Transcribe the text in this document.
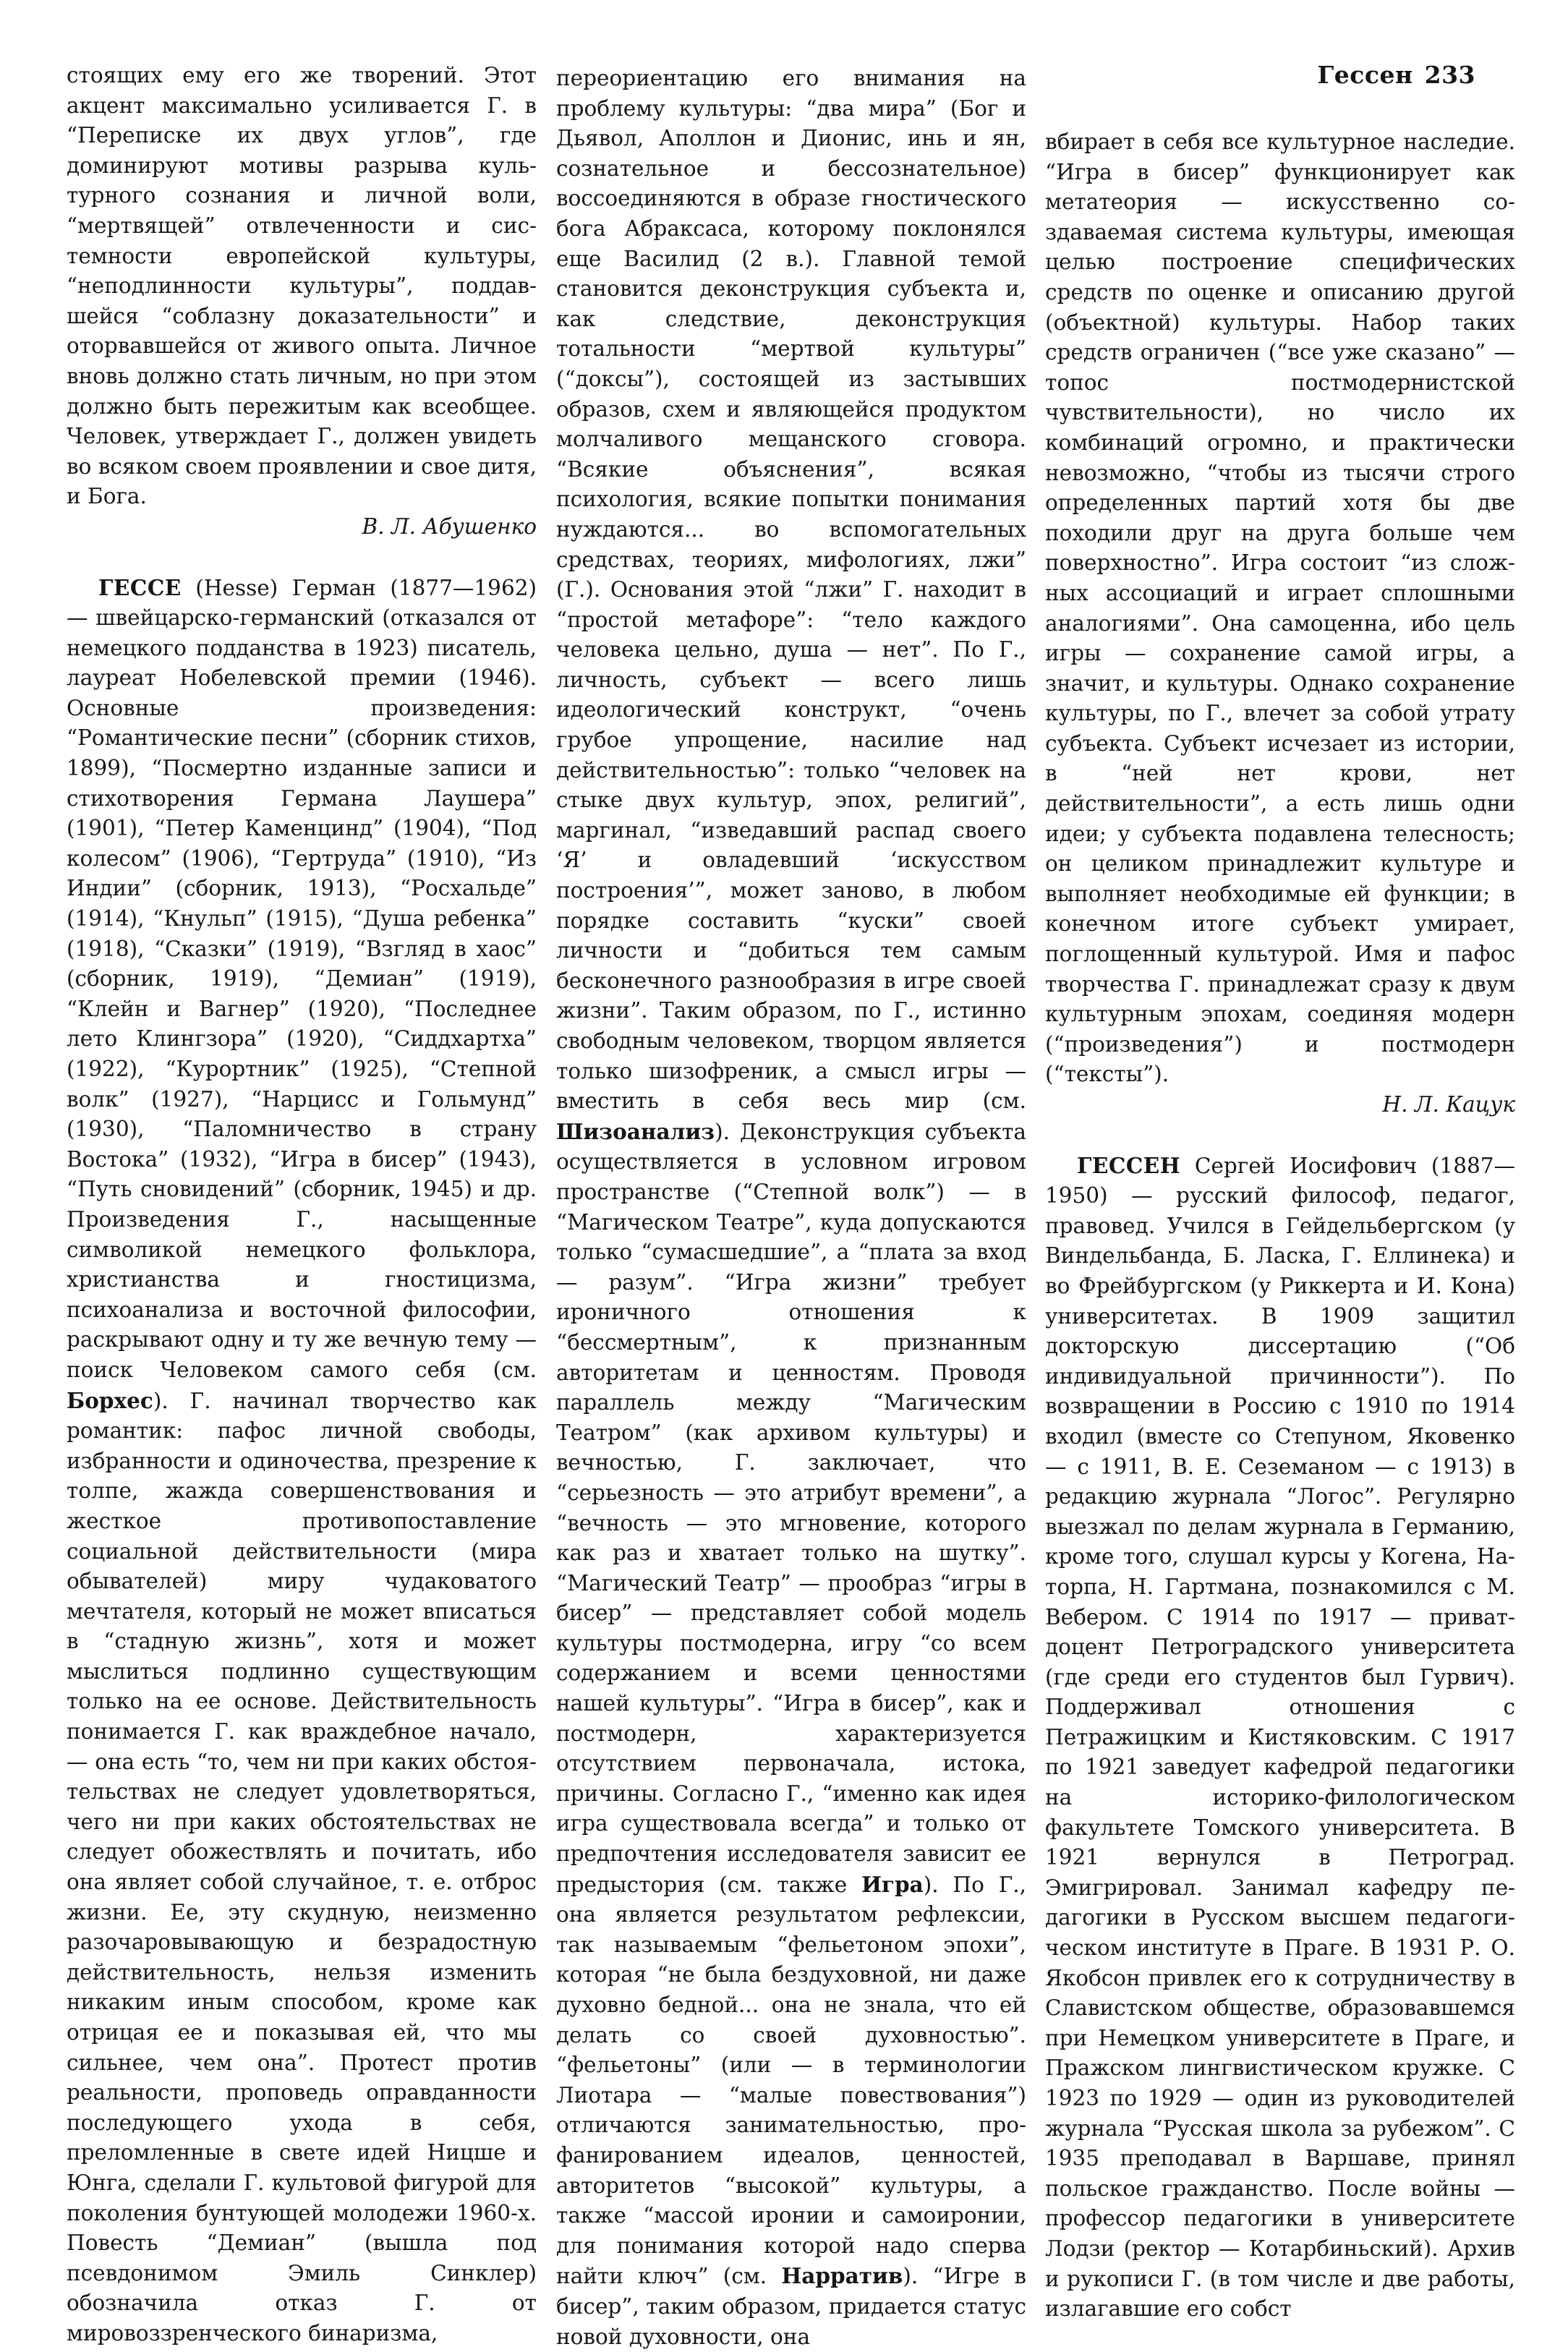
Гессен 233

стоящих ему его же творений. Этот акцент максимально усиливается Г. в “Переписке их двух углов”, где доминируют мотивы разрыва культурного сознания и личной воли, “мертвящей” отвлеченности и системности европейской культуры, “неподлинности культуры”, поддавшейся “соблазну доказательности” и оторвавшейся от живого опыта. Личное вновь должно стать личным, но при этом должно быть пережитым как всеобщее. Человек, утверждает Г., должен увидеть во всяком своем проявлении и свое дитя, и Бога.

В. Л. Абушенко

ГЕССЕ (Hesse) Герман (1877—1962) — швейцарско-германский (отказался от немецкого подданства в 1923) писатель, лауреат Нобелевской премии (1946). Основные произведения: “Романтические песни” (сборник стихов, 1899), “Посмертно изданные записи и стихотворения Германа Лаушера” (1901), “Петер Каменцинд” (1904), “Под колесом” (1906), “Гертруда” (1910), “Из Индии” (сборник, 1913), “Росхальде” (1914), “Кнульп” (1915), “Душа ребенка” (1918), “Сказки” (1919), “Взгляд в хаос” (сборник, 1919), “Демиан” (1919), “Клейн и Вагнер” (1920), “Последнее лето Клингзора” (1920), “Сиддхартха” (1922), “Курортник” (1925), “Степной волк” (1927), “Нарцисс и Гольмунд” (1930), “Паломничество в страну Востока” (1932), “Игра в бисер” (1943), “Путь сновидений” (сборник, 1945) и др. Произведения Г., насыщенные символикой немецкого фольклора, христианства и гностицизма, психоанализа и восточной философии, раскрывают одну и ту же вечную тему — поиск Человеком самого себя (см. Борхес). Г. начинал творчество как романтик: пафос личной свободы, избранности и одиночества, презрение к толпе, жажда совершенствования и жесткое противопоставление социальной действительности (мира обывателей) миру чудаковатого мечтателя, который не может вписаться в “стадную жизнь”, хотя и может мыслиться подлинно существующим только на ее основе. Действительность понимается Г. как враждебное начало, — она есть “то, чем ни при каких обстоятельствах не следует удовлетворяться, чего ни при каких обстоятельствах не следует обожествлять и почитать, ибо она являет собой случайное, т. е. отброс жизни. Ее, эту скудную, неизменно разочаровывающую и безрадостную действительность, нельзя изменить никаким иным способом, кроме как отрицая ее и показывая ей, что мы сильнее, чем она”. Протест против реальности, проповедь оправданности последующего ухода в себя, преломленные в свете идей Ницше и Юнга, сделали Г. культовой фигурой для поколения бунтующей молодежи 1960-х. Повесть “Демиан” (вышла под псевдонимом Эмиль Синклер) обозначила отказ Г. от мировоззренческого бинаризма,

переориентацию его внимания на проблему культуры: “два мира” (Бог и Дьявол, Аполлон и Дионис, инь и ян, сознательное и бессознательное) воссоединяются в образе гностического бога Абраксаса, которому поклонялся еще Василид (2 в.). Главной темой становится деконструкция субъекта и, как следствие, деконструкция тотальности “мертвой культуры” (“доксы”), состоящей из застывших образов, схем и являющейся продуктом молчаливого мещанского сговора. “Всякие объяснения”, всякая психология, всякие попытки понимания нуждаются... во вспомогательных средствах, теориях, мифологиях, лжи” (Г.). Основания этой “лжи” Г. находит в “простой метафоре”: “тело каждого человека цельно, душа — нет”. По Г., личность, субъект — всего лишь идеологический конструкт, “очень грубое упрощение, насилие над действительностью”: только “человек на стыке двух культур, эпох, религий”, маргинал, “изведавший распад своего ‘Я’ и овладевший ‘искусством построения’”, может заново, в любом порядке составить “куски” своей личности и “добиться тем самым бесконечного разнообразия в игре своей жизни”. Таким образом, по Г., истинно свободным человеком, творцом является только шизофреник, а смысл игры — вместить в себя весь мир (см. Шизоанализ). Деконструкция субъекта осуществляется в условном игровом пространстве (“Степной волк”) — в “Магическом Театре”, куда допускаются только “сумасшедшие”, а “плата за вход — разум”. “Игра жизни” требует ироничного отношения к “бессмертным”, к признанным авторитетам и ценностям. Проводя параллель между “Магическим Театром” (как архивом культуры) и вечностью, Г. заключает, что “серьезность — это атрибут времени”, а “вечность — это мгновение, которого как раз и хватает только на шутку”. “Магический Театр” — прообраз “игры в бисер” — представляет собой модель культуры постмодерна, игру “со всем содержанием и всеми ценностями нашей культуры”. “Игра в бисер”, как и постмодерн, характеризуется отсутствием первоначала, истока, причины. Согласно Г., “именно как идея игра существовала всегда” и только от предпочтения исследователя зависит ее предыстория (см. также Игра). По Г., она является результатом рефлексии, так называемым “фельетоном эпохи”, которая “не была бездуховной, ни даже духовно бедной... она не знала, что ей делать со своей духовностью”. “фельетоны” (или — в терминологии Лиотара — “малые повествования”) отличаются занимательностью, профанированием идеалов, ценностей, авторитетов “высокой” культуры, а также “массой иронии и самоиронии, для понимания которой надо сперва найти ключ” (см. Нарратив). “Игре в бисер”, таким образом, придается статус новой духовности, она

вбирает в себя все культурное наследие. “Игра в бисер” функционирует как метатеория — искусственно создаваемая система культуры, имеющая целью построение специфических средств по оценке и описанию другой (объектной) культуры. Набор таких средств ограничен (“все уже сказано” — топос постмодернистской чувствительности), но число их комбинаций огромно, и практически невозможно, “чтобы из тысячи строго определенных партий хотя бы две походили друг на друга больше чем поверхностно”. Игра состоит “из сложных ассоциаций и играет сплошными аналогиями”. Она самоценна, ибо цель игры — сохранение самой игры, а значит, и культуры. Однако сохранение культуры, по Г., влечет за собой утрату субъекта. Субъект исчезает из истории, в “ней нет крови, нет действительности”, а есть лишь одни идеи; у субъекта подавлена телесность; он целиком принадлежит культуре и выполняет необходимые ей функции; в конечном итоге субъект умирает, поглощенный культурой. Имя и пафос творчества Г. принадлежат сразу к двум культурным эпохам, соединяя модерн (“произведения”) и постмодерн (“тексты”).

Н. Л. Кацук

ГЕССЕН Сергей Иосифович (1887—1950) — русский философ, педагог, правовед. Учился в Гейдельбергском (у Виндельбанда, Б. Ласка, Г. Еллинека) и во Фрейбургском (у Риккерта и И. Кона) университетах. В 1909 защитил докторскую диссертацию (“Об индивидуальной причинности”). По возвращении в Россию с 1910 по 1914 входил (вместе со Степуном, Яковенко — с 1911, В. Е. Сеземаном — с 1913) в редакцию журнала “Логос”. Регулярно выезжал по делам журнала в Германию, кроме того, слушал курсы у Когена, Наторпа, Н. Гартмана, познакомился с М. Вебером. С 1914 по 1917 — приват-доцент Петроградского университета (где среди его студентов был Гурвич). Поддерживал отношения с Петражицким и Кистяковским. С 1917 по 1921 заведует кафедрой педагогики на историко-филологическом факультете Томского университета. В 1921 вернулся в Петроград. Эмигрировал. Занимал кафедру педагогики в Русском высшем педагогическом институте в Праге. В 1931 Р. О. Якобсон привлек его к сотрудничеству в Славистском обществе, образовавшемся при Немецком университете в Праге, и Пражском лингвистическом кружке. С 1923 по 1929 — один из руководителей журнала “Русская школа за рубежом”. С 1935 преподавал в Варшаве, принял польское гражданство. После войны — профессор педагогики в университете Лодзи (ректор — Котарбиньский). Архив и рукописи Г. (в том числе и две работы, излагавшие его собст
